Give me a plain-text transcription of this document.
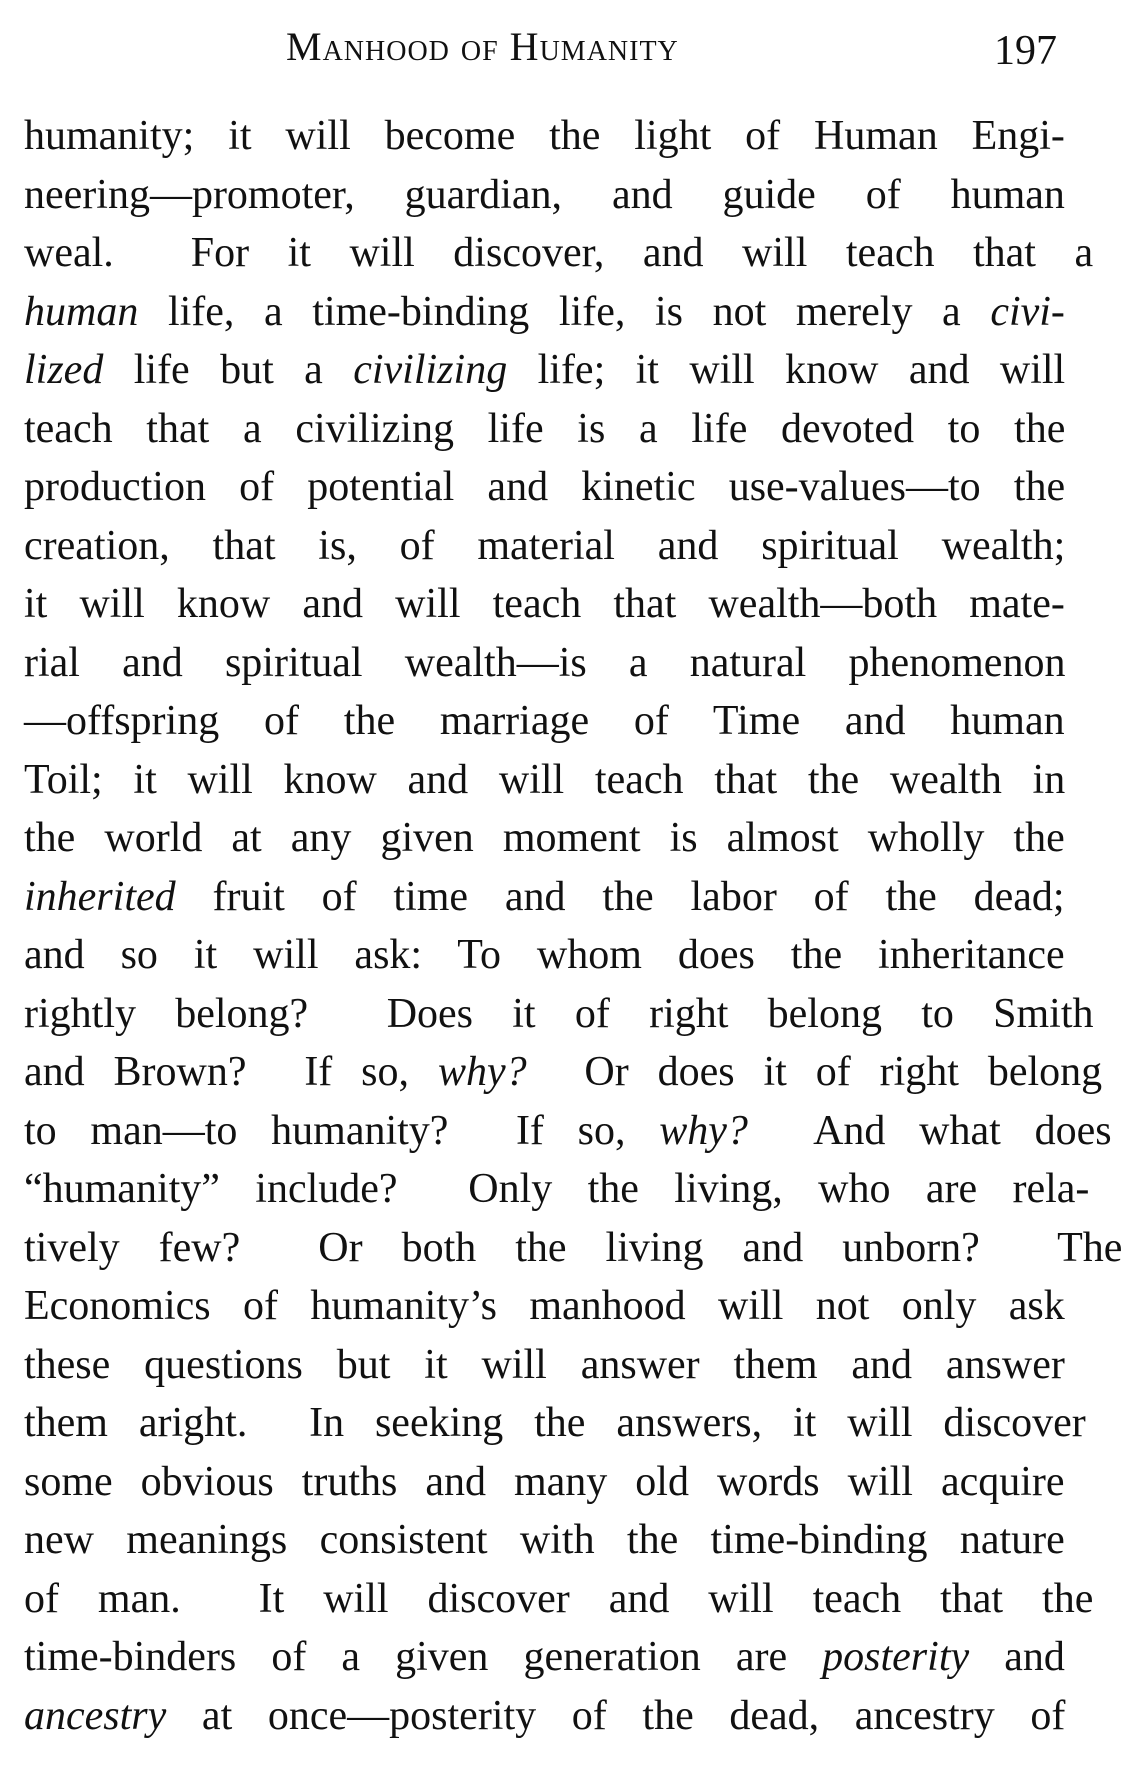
Manhood of Humanity	197
humanity; it will become the light of Human Engi-
neering—promoter, guardian, and guide of human
weal.  For it will discover, and will teach that a
human life, a time-binding life, is not merely a civi-
lized life but a civilizing life; it will know and will
teach that a civilizing life is a life devoted to the
production of potential and kinetic use-values—to the
creation, that is, of material and spiritual wealth;
it will know and will teach that wealth—both mate-
rial and spiritual wealth—is a natural phenomenon
—offspring of the marriage of Time and human
Toil; it will know and will teach that the wealth in
the world at any given moment is almost wholly the
inherited fruit of time and the labor of the dead;
and so it will ask: To whom does the inheritance
rightly belong?  Does it of right belong to Smith
and Brown?  If so, why?  Or does it of right belong
to man—to humanity?  If so, why?  And what does
“humanity” include?  Only the living, who are rela-
tively few?  Or both the living and unborn?  The
Economics of humanity’s manhood will not only ask
these questions but it will answer them and answer
them aright.  In seeking the answers, it will discover
some obvious truths and many old words will acquire
new meanings consistent with the time-binding nature
of man.  It will discover and will teach that the
time-binders of a given generation are posterity and
ancestry at once—posterity of the dead, ancestry of
